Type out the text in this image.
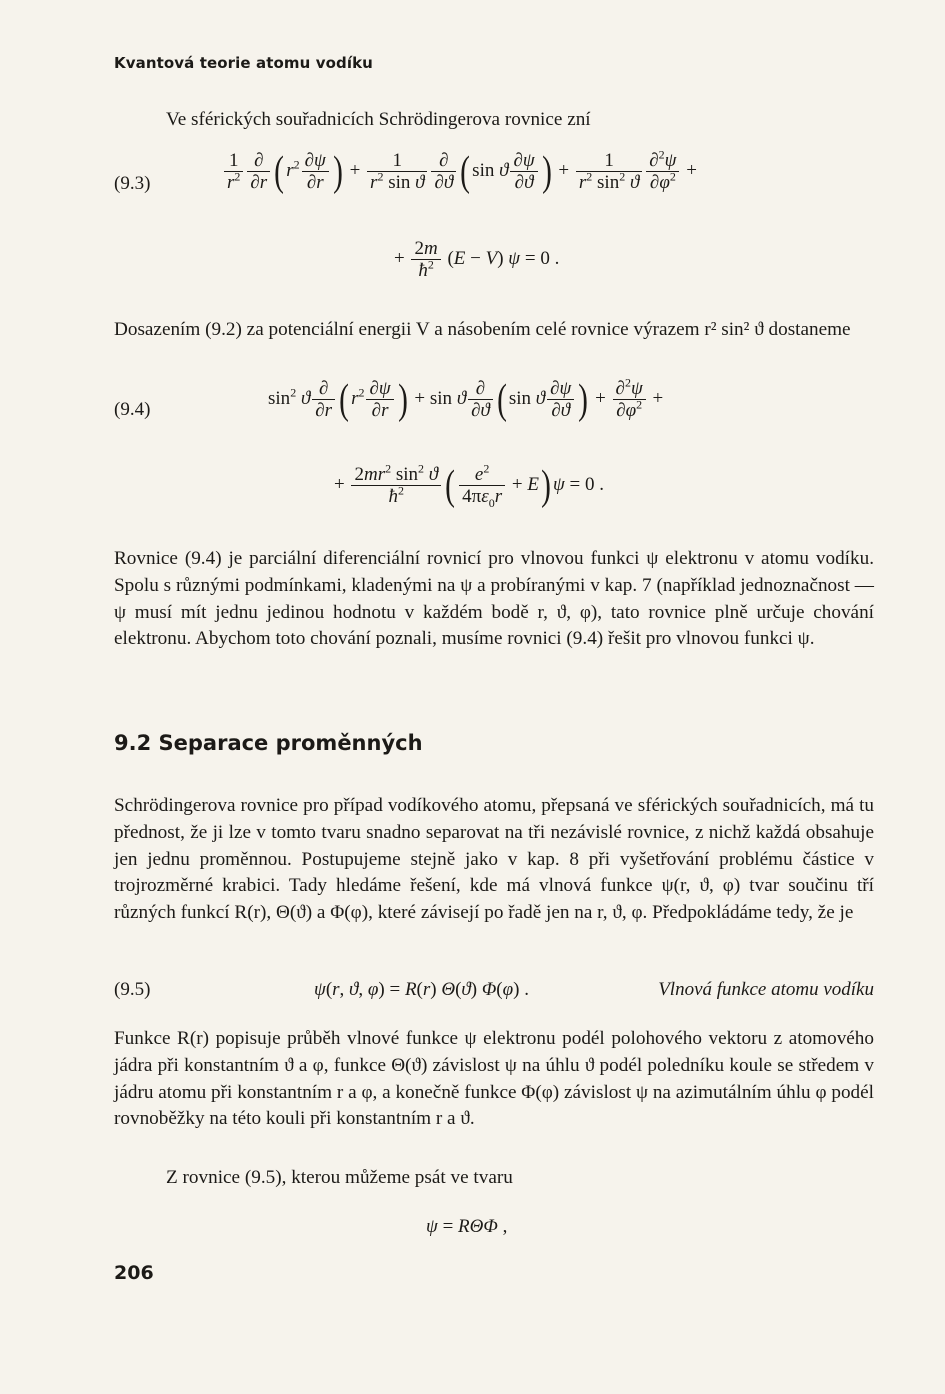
Kvantová teorie atomu vodíku
Ve sférických souřadnicích Schrödingerova rovnice zní
(9.3)	$\frac{1}{r^2} \frac{\partial}{\partial r}$ ( $r^2 \frac{\partial\psi}{\partial r}$ ) + $\frac{1}{r^2 \sin ϑ} \frac{\partial}{\partial ϑ}$ ( sin ϑ $\frac{\partial\psi}{\partial ϑ}$ ) + $\frac{1}{r^2 \sin^2 ϑ} \frac{\partial^2\psi}{\partial\varphi^2}$ +
+ $\frac{2m}{ħ^2} (E - V) \psi = 0$ .
Dosazením (9.2) za potenciální energii V a násobením celé rovnice výrazem r² sin² ϑ dostaneme
(9.4)
$\sin^2 ϑ \frac{\partial}{\partial r}$ ( $r^2 \frac{\partial\psi}{\partial r}$ ) + sin ϑ $\frac{\partial}{\partial ϑ}$ ( sin ϑ $\frac{\partial\psi}{\partial ϑ}$ ) + $\frac{\partial^2\psi}{\partial\varphi^2}$ +
+ $\frac{2mr^2 \sin^2 ϑ}{ħ^2}$ ( $\frac{e^2}{4\pi\varepsilon_0r} + E$) ψ = 0 .
Rovnice (9.4) je parciální diferenciální rovnicí pro vlnovou funkci ψ elektronu v atomu vodíku. Spolu s různými podmínkami, kladenými na ψ a probíranými v kap. 7 (například jednoznačnost — ψ musí mít jednu jedinou hodnotu v každém bodě r, ϑ, φ), tato rovnice plně určuje chování elektronu. Abychom toto chování poznali, musíme rovnici (9.4) řešit pro vlnovou funkci ψ.
9.2 Separace proměnných
Schrödingerova rovnice pro případ vodíkového atomu, přepsaná ve sférických souřadnicích, má tu přednost, že ji lze v tomto tvaru snadno separovat na tři nezávislé rovnice, z nichž každá obsahuje jen jednu proměnnou. Postupujeme stejně jako v kap. 8 při vyšetřování problému částice v trojrozměrné krabici. Tady hledáme řešení, kde má vlnová funkce ψ(r, ϑ, φ) tvar součinu tří různých funkcí R(r), Θ(ϑ) a Φ(φ), které závisejí po řadě jen na r, ϑ, φ. Předpokládáme tedy, že je
(9.5)	ψ(r, ϑ, φ) = R(r) Θ(ϑ) Φ(φ) .	Vlnová funkce atomu vodíku
Funkce R(r) popisuje průběh vlnové funkce ψ elektronu podél polohového vektoru z atomového jádra při konstantním ϑ a φ, funkce Θ(ϑ) závislost ψ na úhlu ϑ podél poledníku koule se středem v jádru atomu při konstantním r a φ, a konečně funkce Φ(φ) závislost ψ na azimutálním úhlu φ podél rovnoběžky na této kouli při konstantním r a ϑ.
Z rovnice (9.5), kterou můžeme psát ve tvaru
ψ = RΘΦ ,
206
